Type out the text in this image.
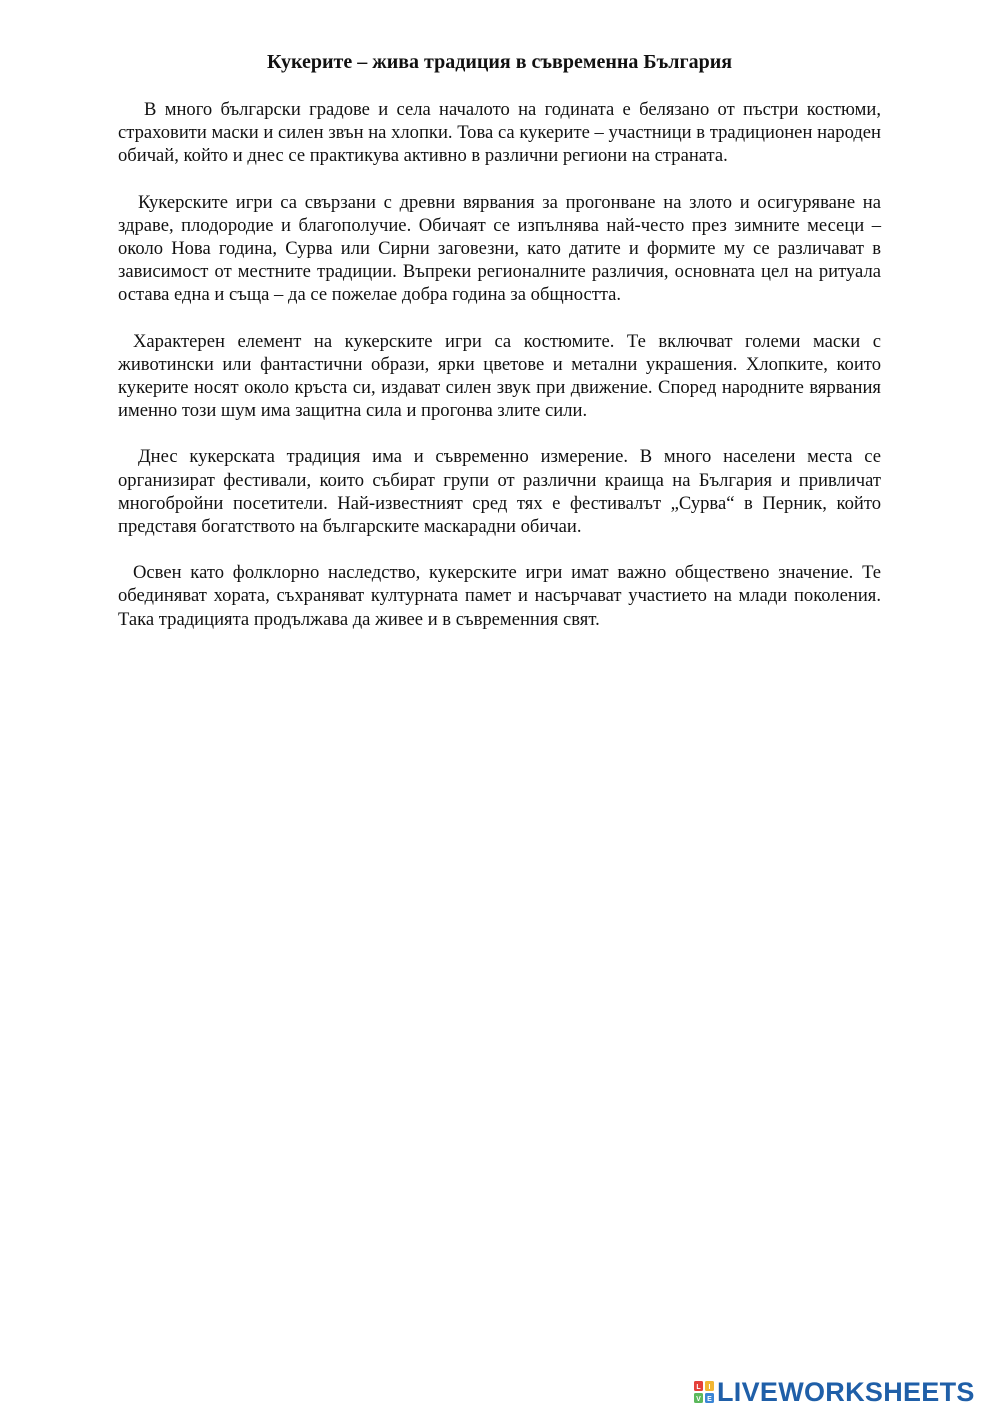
Кукерите – жива традиция в съвременна България

В много български градове и села началото на годината е белязано от пъстри костюми, страховити маски и силен звън на хлопки. Това са кукерите – участници в традиционен народен обичай, който и днес се практикува активно в различни региони на страната.

Кукерските игри са свързани с древни вярвания за прогонване на злото и осигуряване на здраве, плодородие и благополучие. Обичаят се изпълнява най-често през зимните месеци – около Нова година, Сурва или Сирни заговезни, като датите и формите му се различават в зависимост от местните традиции. Въпреки регионалните различия, основната цел на ритуала остава една и съща – да се пожелае добра година за общността.

Характерен елемент на кукерските игри са костюмите. Те включват големи маски с животински или фантастични образи, ярки цветове и метални украшения. Хлопките, които кукерите носят около кръста си, издават силен звук при движение. Според народните вярвания именно този шум има защитна сила и прогонва злите сили.

Днес кукерската традиция има и съвременно измерение. В много населени места се организират фестивали, които събират групи от различни краища на България и привличат многобройни посетители. Най-известният сред тях е фестивалът „Сурва“ в Перник, който представя богатството на българските маскарадни обичаи.

Освен като фолклорно наследство, кукерските игри имат важно обществено значение. Те обединяват хората, съхраняват културната памет и насърчават участието на млади поколения. Така традицията продължава да живее и в съвременния свят.

L I
V E LIVEWORKSHEETS
